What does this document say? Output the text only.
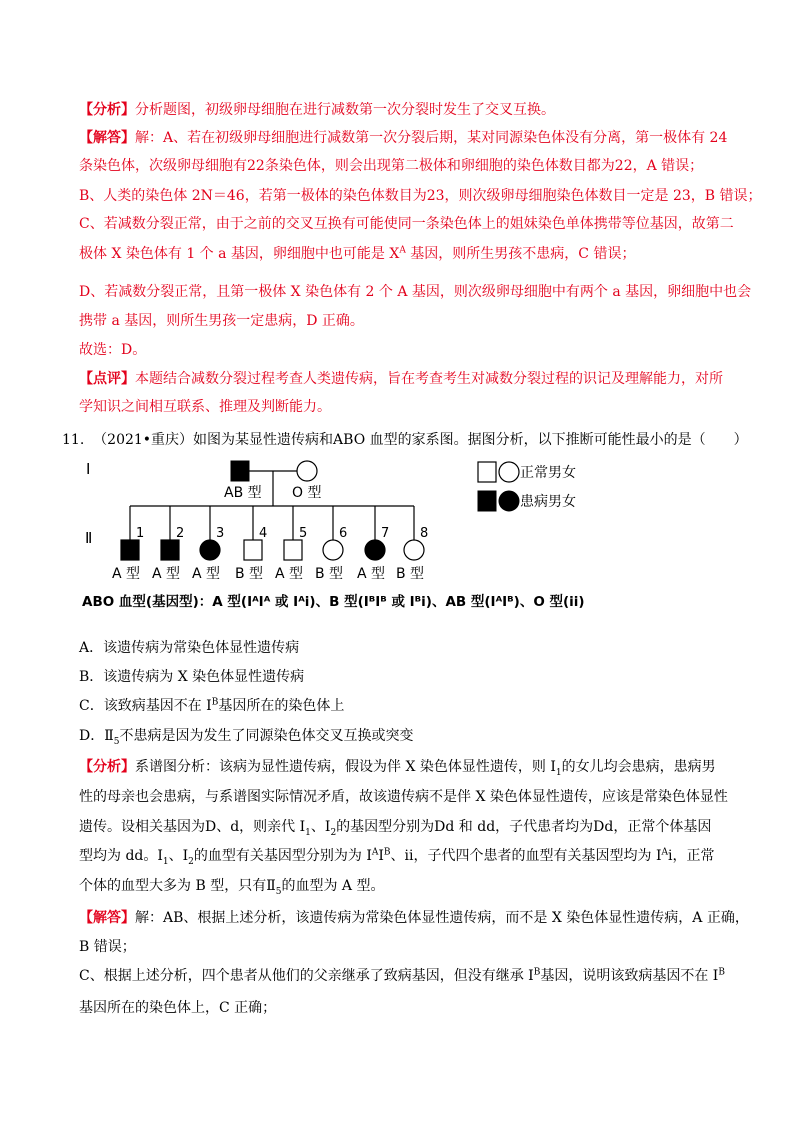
【分析】分析题图，初级卵母细胞在进行减数第一次分裂时发生了交叉互换。
【解答】解：A、若在初级卵母细胞进行减数第一次分裂后期，某对同源染色体没有分离，第一极体有 24
条染色体，次级卵母细胞有22条染色体，则会出现第二极体和卵细胞的染色体数目都为22，A 错误；
B、人类的染色体 2N＝46，若第一极体的染色体数目为23，则次级卵母细胞染色体数目一定是 23，B 错误；
C、若减数分裂正常，由于之前的交叉互换有可能使同一条染色体上的姐妹染色单体携带等位基因，故第二
极体 X 染色体有 1 个 a 基因，卵细胞中也可能是 $X^A$ 基因，则所生男孩不患病，C 错误；
D、若减数分裂正常，且第一极体 X 染色体有 2 个 A 基因，则次级卵母细胞中有两个 a 基因，卵细胞中也会
携带 a 基因，则所生男孩一定患病，D 正确。
故选：D。
【点评】本题结合减数分裂过程考查人类遗传病，旨在考查考生对减数分裂过程的识记及理解能力，对所
学知识之间相互联系、推理及判断能力。
11. （2021•重庆）如图为某显性遗传病和ABO 血型的家系图。据图分析，以下推断可能性最小的是（　　）
Ⅰ
AB 型 O 型
Ⅱ	1
A 型
2
A 型
3
A 型
4
B 型
5
A 型
6
B 型
7
A 型
8
B 型
正常男女
患病男女
ABO 血型(基因型)：A 型(IᴬIᴬ 或 Iᴬi)、B 型(IᴮIᴮ 或 Iᴮi)、AB 型(IᴬIᴮ)、O 型(ii)
A．该遗传病为常染色体显性遗传病
B．该遗传病为 X 染色体显性遗传病
C．该致病基因不在 $I^B$基因所在的染色体上
D．$Ⅱ_5$不患病是因为发生了同源染色体交叉互换或突变
【分析】系谱图分析：该病为显性遗传病，假设为伴 X 染色体显性遗传，则 $Ⅰ_1$的女儿均会患病，患病男
性的母亲也会患病，与系谱图实际情况矛盾，故该遗传病不是伴 X 染色体显性遗传，应该是常染色体显性
遗传。设相关基因为D、d，则亲代 $Ⅰ_1$、$Ⅰ_2$的基因型分别为Dd 和 dd，子代患者均为Dd，正常个体基因
型均为 dd。$Ⅰ_1$、$Ⅰ_2$的血型有关基因型分别为为 $I^AI^B$、ii，子代四个患者的血型有关基因型均为 $I^Ai$，正常
个体的血型大多为 B 型，只有$Ⅱ_5$的血型为 A 型。
【解答】解：AB、根据上述分析，该遗传病为常染色体显性遗传病，而不是 X 染色体显性遗传病，A 正确，
B 错误；
C、根据上述分析，四个患者从他们的父亲继承了致病基因，但没有继承 $I^B$基因，说明该致病基因不在 $I^B$
基因所在的染色体上，C 正确；
